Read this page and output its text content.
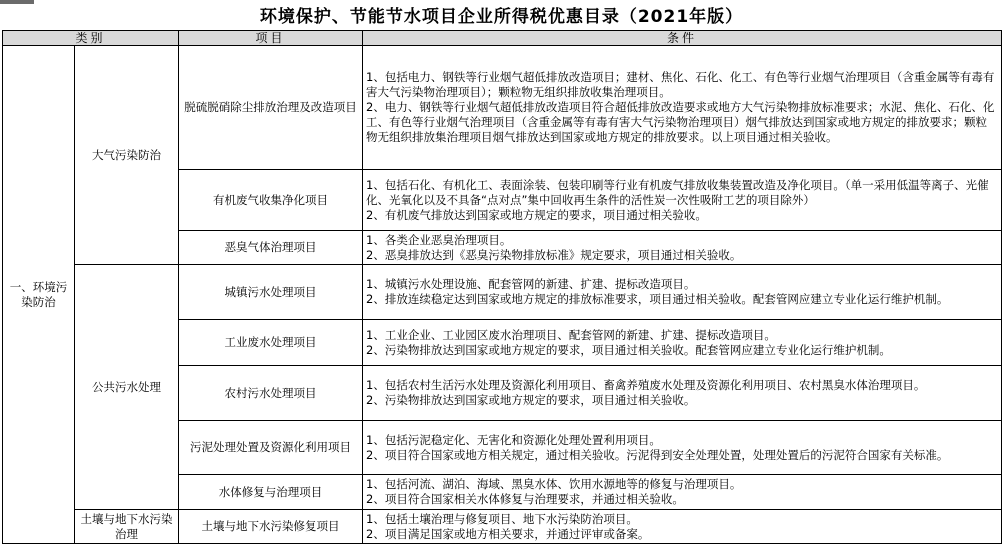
环境保护、节能节水项目企业所得税优惠目录（2021年版）
类别		项目	条件
一、环境污染防治	大气污染防治	脱硫脱硝除尘排放治理及改造项目	1、包括电力、钢铁等行业烟气超低排放改造项目；建材、焦化、石化、化工、有色等行业烟气治理项目（含重金属等有毒有害大气污染物治理项目）；颗粒物无组织排放收集治理项目。
2、电力、钢铁等行业烟气超低排放改造项目符合超低排放改造要求或地方大气污染物排放标准要求；水泥、焦化、石化、化工、有色等行业烟气治理项目（含重金属等有毒有害大气污染物治理项目）烟气排放达到国家或地方规定的排放要求；颗粒物无组织排放集治理项目烟气排放达到国家或地方规定的排放要求。以上项目通过相关验收。

		有机废气收集净化项目	1、包括石化、有机化工、表面涂装、包装印刷等行业有机废气排放收集装置改造及净化项目。（单一采用低温等离子、光催化、光氧化以及不具备“点对点”集中回收再生条件的活性炭一次性吸附工艺的项目除外）
2、有机废气排放达到国家或地方规定的要求，项目通过相关验收。

		恶臭气体治理项目	1、各类企业恶臭治理项目。
2、恶臭排放达到《恶臭污染物排放标准》规定要求，项目通过相关验收。

	公共污水处理	城镇污水处理项目	1、城镇污水处理设施、配套管网的新建、扩建、提标改造项目。
2、排放连续稳定达到国家或地方规定的排放标准要求，项目通过相关验收。配套管网应建立专业化运行维护机制。

		工业废水处理项目	1、工业企业、工业园区废水治理项目、配套管网的新建、扩建、提标改造项目。
2、污染物排放达到国家或地方规定的要求，项目通过相关验收。配套管网应建立专业化运行维护机制。

		农村污水处理项目	1、包括农村生活污水处理及资源化利用项目、畜禽养殖废水处理及资源化利用项目、农村黑臭水体治理项目。
2、污染物排放达到国家或地方规定的要求，项目通过相关验收。

		污泥处理处置及资源化利用项目	1、包括污泥稳定化、无害化和资源化处理处置利用项目。
2、项目符合国家或地方相关规定，通过相关验收。污泥得到安全处理处置，处理处置后的污泥符合国家有关标准。

		水体修复与治理项目	1、包括河流、湖泊、海域、黑臭水体、饮用水源地等的修复与治理项目。
2、项目符合国家相关水体修复与治理要求，并通过相关验收。

	土壤与地下水污染治理	土壤与地下水污染修复项目	1、包括土壤治理与修复项目、地下水污染防治项目。
2、项目满足国家或地方相关要求，并通过评审或备案。
